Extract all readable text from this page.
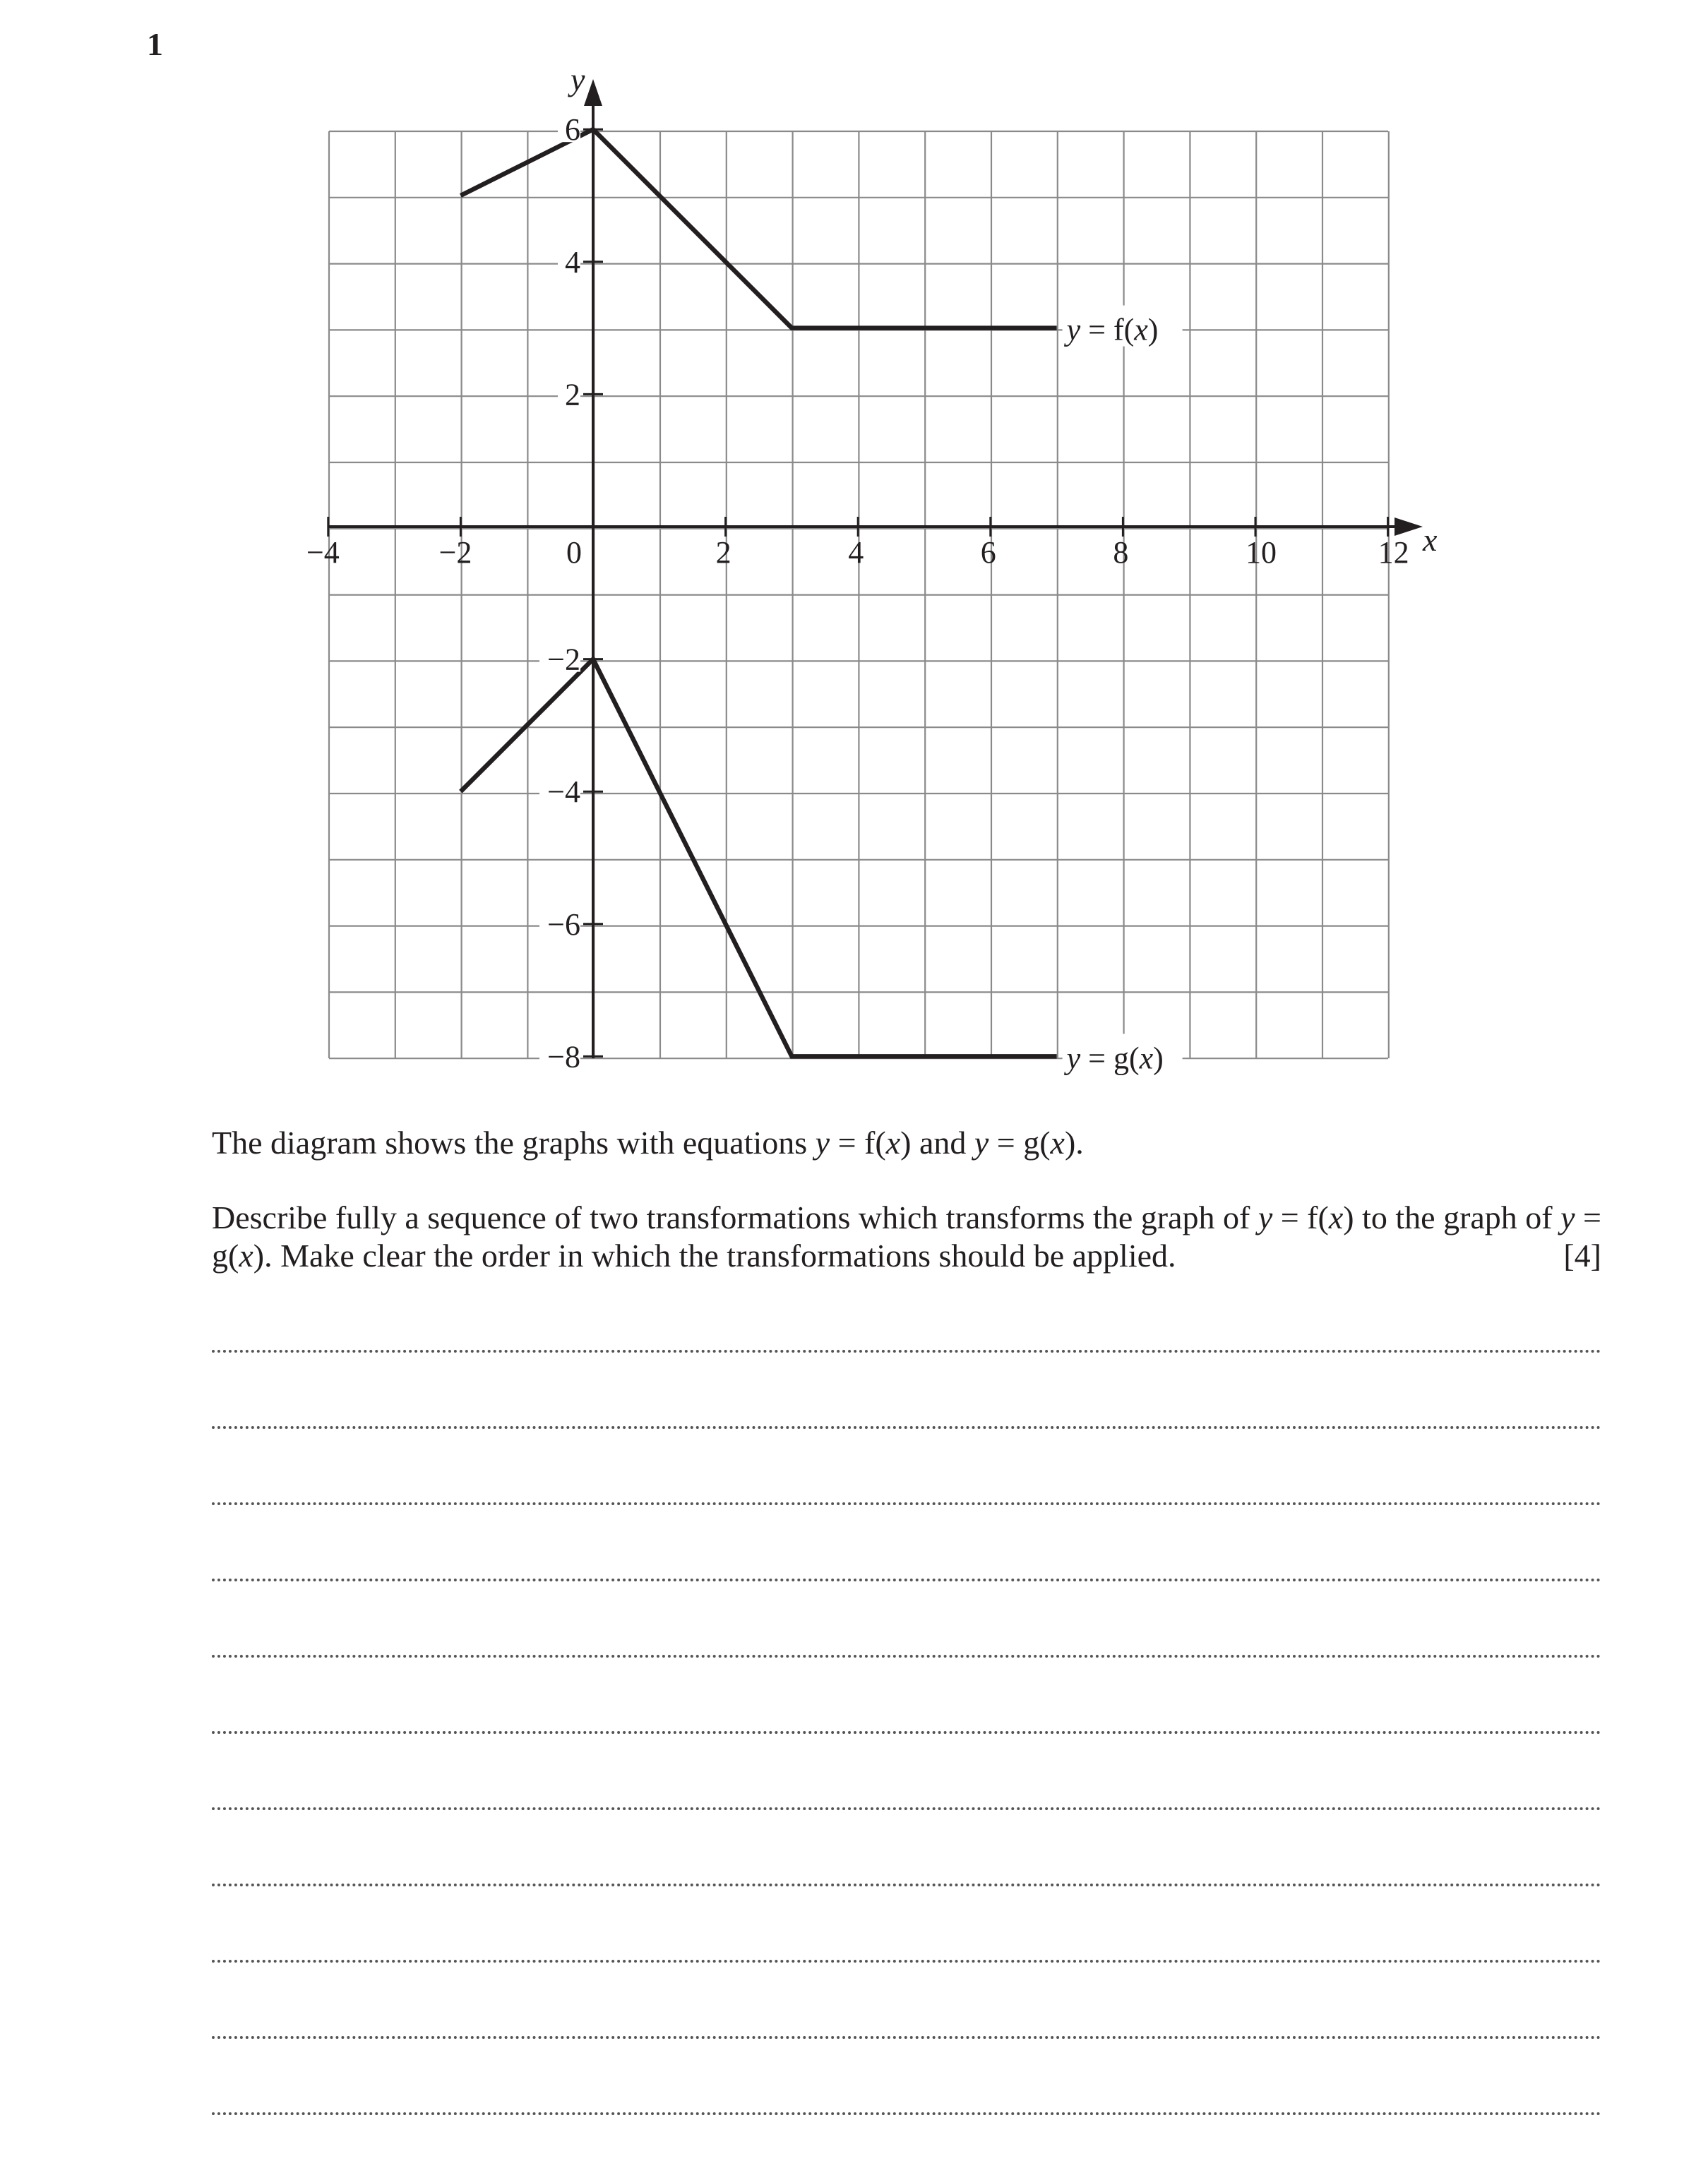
1
x
y
−4	−2	0	2	4	6	8	10	12
6
4
2
−2
−4
−6
−8
y = f(x)
y = g(x)
The diagram shows the graphs with equations y = f(x) and y = g(x).
Describe fully a sequence of two transformations which transforms the graph of y = f(x) to the graph of y = g(x). Make clear the order in which the transformations should be applied.	[4]
